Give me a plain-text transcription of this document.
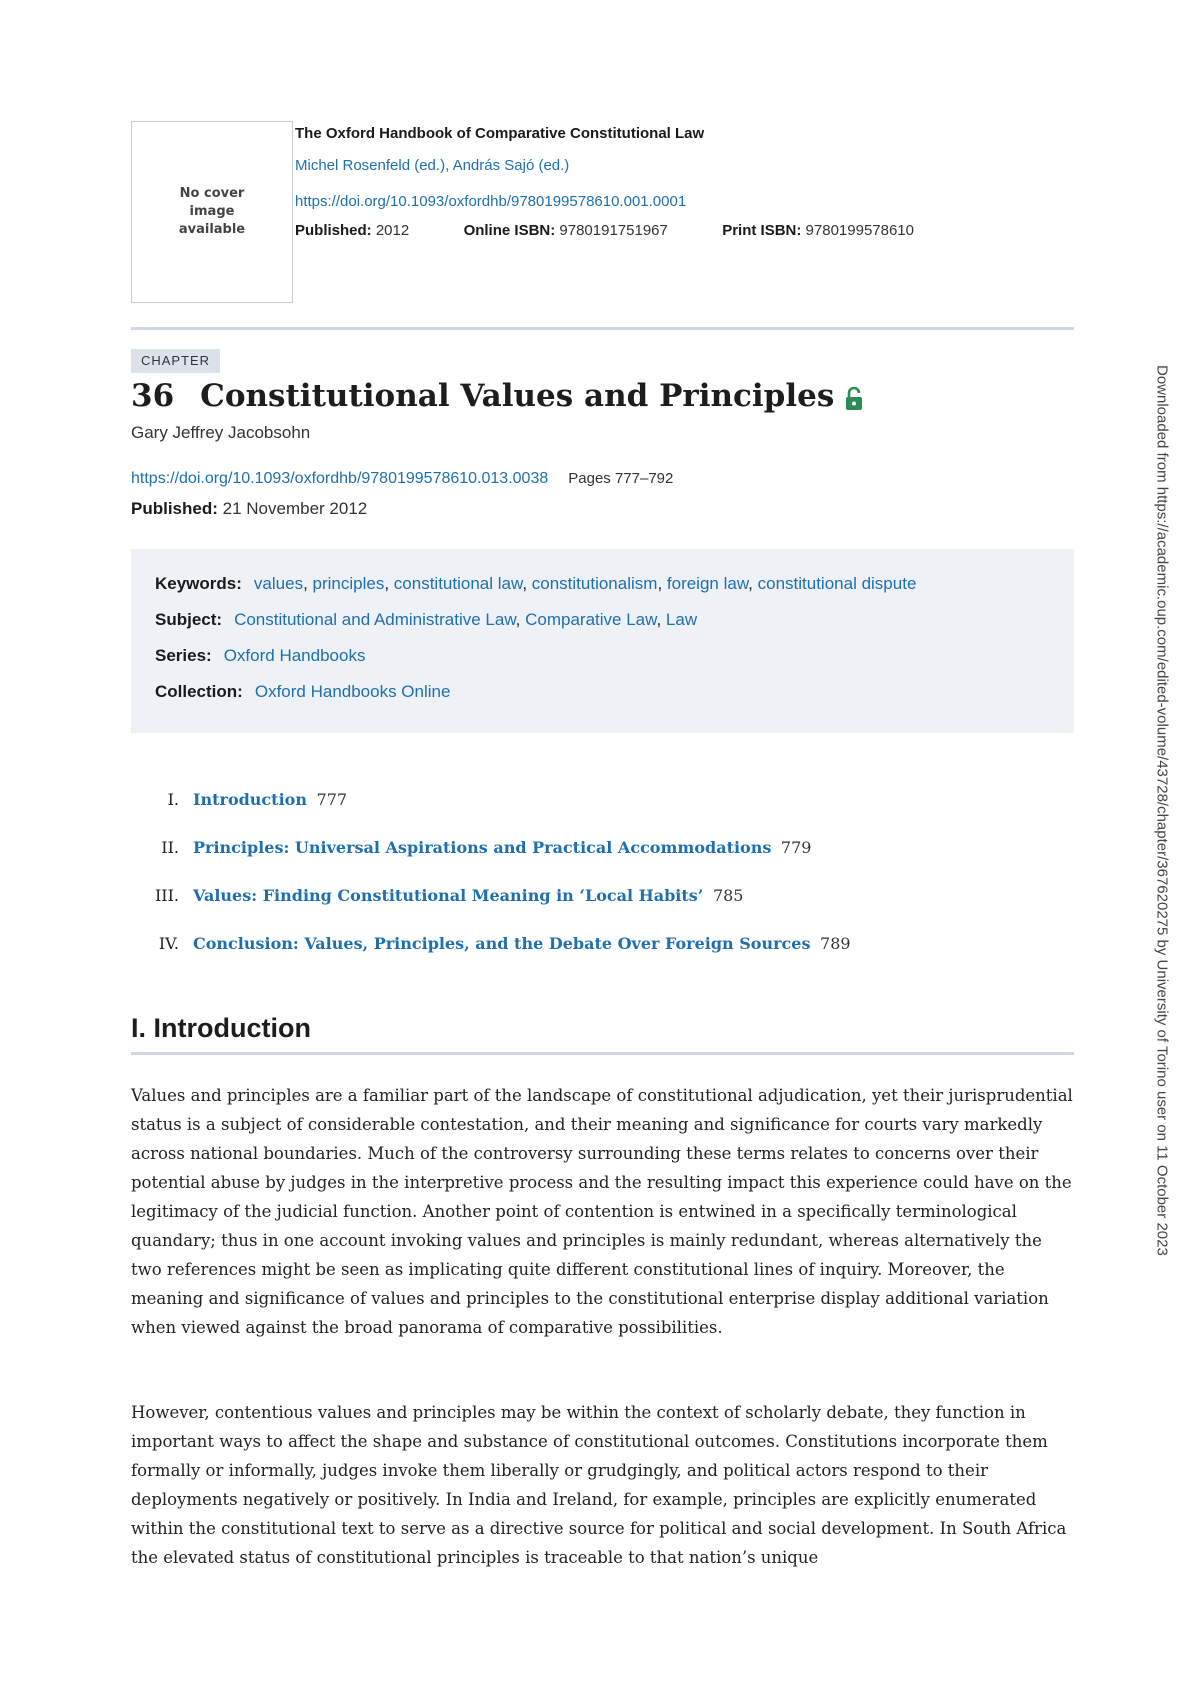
No cover image available
The Oxford Handbook of Comparative Constitutional Law
Michel Rosenfeld (ed.), András Sajó (ed.)
https://doi.org/10.1093/oxfordhb/9780199578610.001.0001
Published: 2012	Online ISBN: 9780191751967	Print ISBN: 9780199578610
CHAPTER
36 Constitutional Values and Principles
Gary Jeffrey Jacobsohn
https://doi.org/10.1093/oxfordhb/9780199578610.013.0038 Pages 777–792
Published: 21 November 2012
Keywords: values, principles, constitutional law, constitutionalism, foreign law, constitutional dispute
Subject: Constitutional and Administrative Law, Comparative Law, Law
Series: Oxford Handbooks
Collection: Oxford Handbooks Online
I. Introduction 777
II. Principles: Universal Aspirations and Practical Accommodations 779
III. Values: Finding Constitutional Meaning in ‘Local Habits’ 785
IV. Conclusion: Values, Principles, and the Debate Over Foreign Sources 789
I. Introduction

Values and principles are a familiar part of the landscape of constitutional adjudication, yet their jurisprudential status is a subject of considerable contestation, and their meaning and significance for courts vary markedly across national boundaries. Much of the controversy surrounding these terms relates to concerns over their potential abuse by judges in the interpretive process and the resulting impact this experience could have on the legitimacy of the judicial function. Another point of contention is entwined in a specifically terminological quandary; thus in one account invoking values and principles is mainly redundant, whereas alternatively the two references might be seen as implicating quite different constitutional lines of inquiry. Moreover, the meaning and significance of values and principles to the constitutional enterprise display additional variation when viewed against the broad panorama of comparative possibilities.

However, contentious values and principles may be within the context of scholarly debate, they function in important ways to affect the shape and substance of constitutional outcomes. Constitutions incorporate them formally or informally, judges invoke them liberally or grudgingly, and political actors respond to their deployments negatively or positively. In India and Ireland, for example, principles are explicitly enumerated within the constitutional text to serve as a directive source for political and social development. In South Africa the elevated status of constitutional principles is traceable to that nation’s unique

Downloaded from https://academic.oup.com/edited-volume/43728/chapter/367620275 by University of Torino user on 11 October 2023
